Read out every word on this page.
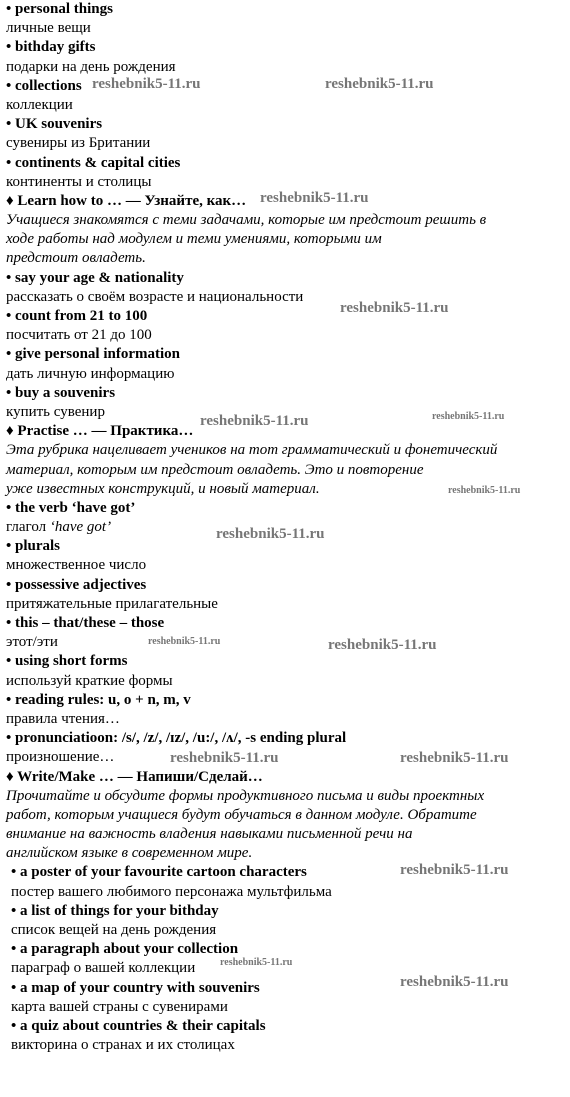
• personal things
личные вещи
• bithday gifts
подарки на день рождения
• collections
коллекции
• UK souvenirs
сувениры из Британии
• continents & capital cities
континенты и столицы
♦ Learn how to … — Узнайте, как…
Учащиеся знакомятся с теми задачами, которые им предстоит решить в
ходе работы над модулем и теми умениями, которыми им
предстоит овладеть.
• say your age & nationality
рассказать о своём возрасте и национальности
• count from 21 to 100
посчитать от 21 до 100
• give personal information
дать личную информацию
• buy a souvenirs
купить сувенир
♦ Practise … — Практика…
Эта рубрика нацеливает учеников на тот грамматический и фонетический
материал, которым им предстоит овладеть. Это и повторение
уже известных конструкций, и новый материал.
• the verb ‘have got’
глагол ‘have got’
• plurals
множественное число
• possessive adjectives
притяжательные прилагательные
• this – that/these – those
этот/эти
• using short forms
используй краткие формы
• reading rules: u, o + n, m, v
правила чтения…
• pronunciatioon: /s/, /z/, /ɪz/, /u:/, /ʌ/, -s ending plural
произношение…
♦ Write/Make … — Напиши/Сделай…
Прочитайте и обсудите формы продуктивного письма и виды проектных
работ, которым учащиеся будут обучаться в данном модуле. Обратите
внимание на важность владения навыками письменной речи на
английском языке в современном мире.
• a poster of your favourite cartoon characters
постер вашего любимого персонажа мультфильма
• a list of things for your bithday
список вещей на день рождения
• a paragraph about your collection
параграф о вашей коллекции
• a map of your country with souvenirs
карта вашей страны с сувенирами
• a quiz about countries & their capitals
викторина о странах и их столицах
reshebnik5-11.ru	reshebnik5-11.ru
reshebnik5-11.ru
reshebnik5-11.ru
reshebnik5-11.ru	reshebnik5-11.ru
reshebnik5-11.ru
reshebnik5-11.ru
reshebnik5-11.ru	reshebnik5-11.ru
reshebnik5-11.ru	reshebnik5-11.ru
reshebnik5-11.ru
reshebnik5-11.ru
reshebnik5-11.ru
